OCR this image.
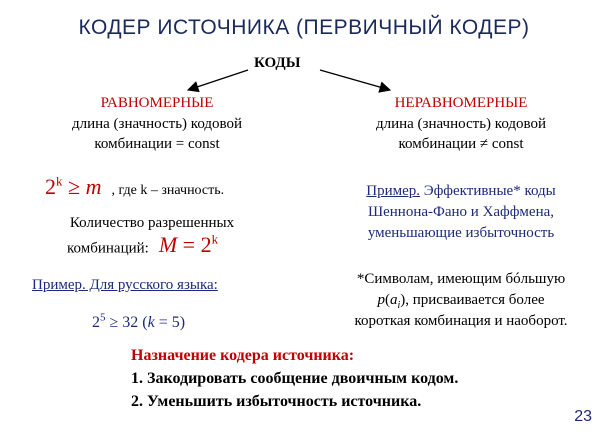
КОДЕР ИСТОЧНИКА (ПЕРВИЧНЫЙ КОДЕР)
КОДЫ
РАВНОМЕРНЫЕ
длина (значность) кодовой
комбинации = const
$2^k \ge m$ , где k – значность.
Количество разрешенных
комбинаций: $M = 2^k$
Пример. Для русского языка:
$2^5 \ge 32$ (k = 5)
НЕРАВНОМЕРНЫЕ
длина (значность) кодовой
комбинации ≠ const
Пример. Эффективные* коды
Шеннона-Фано и Хаффмена,
уменьшающие избыточность
*Символам, имеющим бóльшую
$p(a_i)$, присваивается более
короткая комбинация и наоборот.
Назначение кодера источника:
1. Закодировать сообщение двоичным кодом.
2. Уменьшить избыточность источника.
23
